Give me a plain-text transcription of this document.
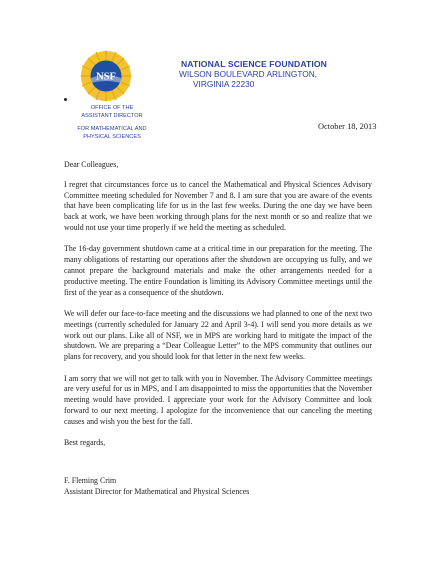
NSF
NATIONAL SCIENCE FOUNDATION
WILSON BOULEVARD ARLINGTON,
VIRGINIA 22230
OFFICE OF THE
ASSISTANT DIRECTOR
FOR MATHEMATICAL AND
PHYSICAL SCIENCES
October 18, 2013

Dear Colleagues,

I regret that circumstances force us to cancel the Mathematical and Physical Sciences Advisory Committee meeting scheduled for November 7 and 8. I am sure that you are aware of the events that have been complicating life for us in the last few weeks. During the one day we have been back at work, we have been working through plans for the next month or so and realize that we would not use your time properly if we held the meeting as scheduled.

The 16-day government shutdown came at a critical time in our preparation for the meeting. The many obligations of restarting our operations after the shutdown are occupying us fully, and we cannot prepare the background materials and make the other arrangements needed for a productive meeting. The entire Foundation is limiting its Advisory Committee meetings until the first of the year as a consequence of the shutdown.

We will defer our face-to-face meeting and the discussions we had planned to one of the next two meetings (currently scheduled for January 22 and April 3-4). I will send you more details as we work out our plans. Like all of NSF, we in MPS are working hard to mitigate the impact of the shutdown. We are preparing a “Dear Colleague Letter” to the MPS community that outlines our plans for recovery, and you should look for that letter in the next few weeks.

I am sorry that we will not get to talk with you in November. The Advisory Committee meetings are very useful for us in MPS, and I am disappointed to miss the opportunities that the November meeting would have provided. I appreciate your work for the Advisory Committee and look forward to our next meeting. I apologize for the inconvenience that our canceling the meeting causes and wish you the best for the fall.

Best regards,
F. Fleming Crim
Assistant Director for Mathematical and Physical Sciences
